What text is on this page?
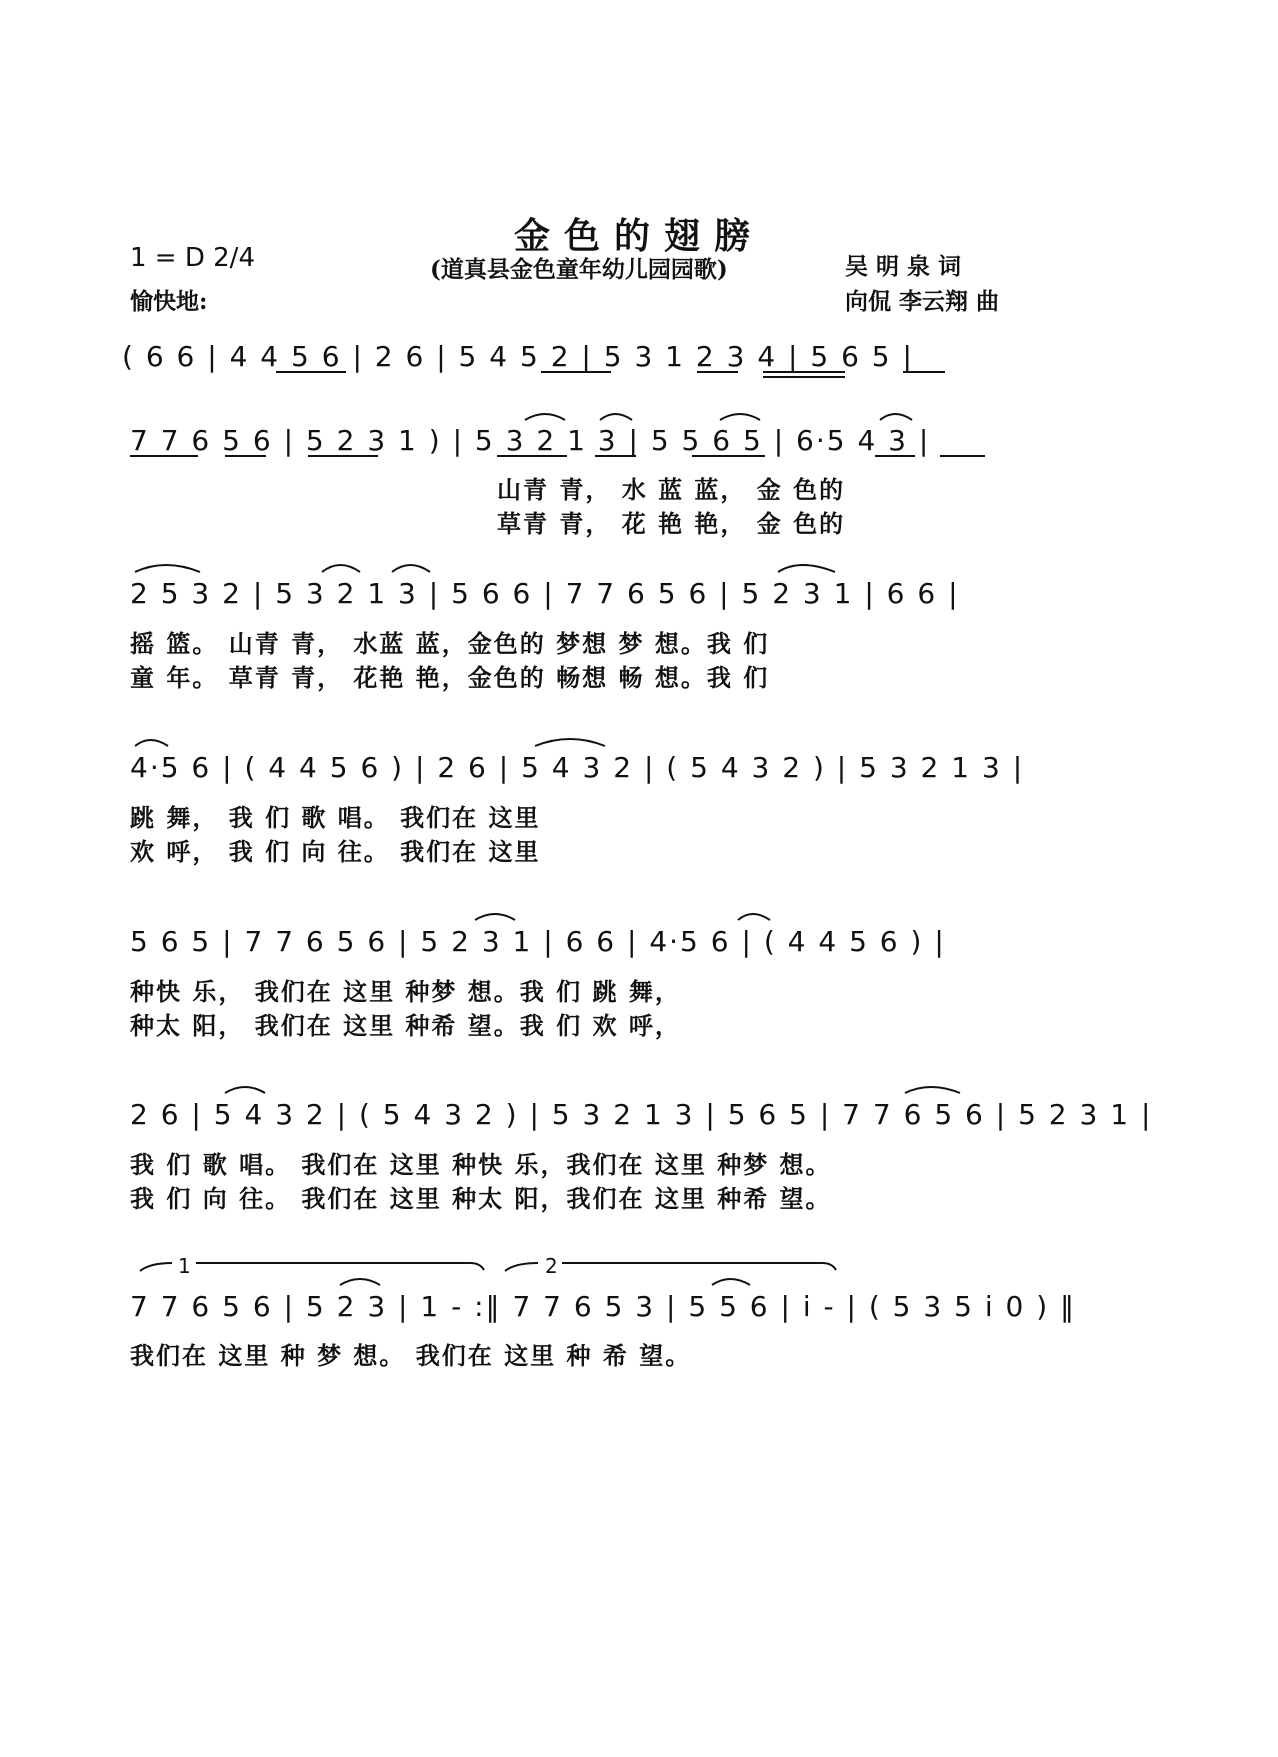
金色的翅膀
1 = D 2/4	(道真县金色童年幼儿园园歌)	吴 明 泉 词
愉快地:	向侃 李云翔 曲
( 6 6 | 4 4 5 6 | 2 6 | 5 4 5 2 | 5 3 1 2 3 4 | 5 6 5 |
7 7 6 5 6 | 5 2 3 1 ) | 5 3 2 1 3 | 5 5 6 5 | 6·5 4 3 |
山青 青， 水 蓝 蓝， 金 色的
草青 青， 花 艳 艳， 金 色的
2 5 3 2 | 5 3 2 1 3 | 5 6 6 | 7 7 6 5 6 | 5 2 3 1 | 6 6 |
摇 篮。 山青 青， 水蓝 蓝，金色的 梦想 梦 想。我 们
童 年。 草青 青， 花艳 艳，金色的 畅想 畅 想。我 们
4·5 6 | ( 4 4 5 6 ) | 2 6 | 5 4 3 2 | ( 5 4 3 2 ) | 5 3 2 1 3 |
跳 舞， 我 们 歌 唱。 我们在 这里
欢 呼， 我 们 向 往。 我们在 这里
5 6 5 | 7 7 6 5 6 | 5 2 3 1 | 6 6 | 4·5 6 | ( 4 4 5 6 ) |
种快 乐， 我们在 这里 种梦 想。我 们 跳 舞，
种太 阳， 我们在 这里 种希 望。我 们 欢 呼，
2 6 | 5 4 3 2 | ( 5 4 3 2 ) | 5 3 2 1 3 | 5 6 5 | 7 7 6 5 6 | 5 2 3 1 |
我 们 歌 唱。 我们在 这里 种快 乐，我们在 这里 种梦 想。
我 们 向 往。 我们在 这里 种太 阳，我们在 这里 种希 望。
1	2
7 7 6 5 6 | 5 2 3 | 1 - :‖ 7 7 6 5 3 | 5 5 6 | i - | ( 5 3 5 i 0 ) ‖
我们在 这里 种 梦 想。 我们在 这里 种 希 望。
